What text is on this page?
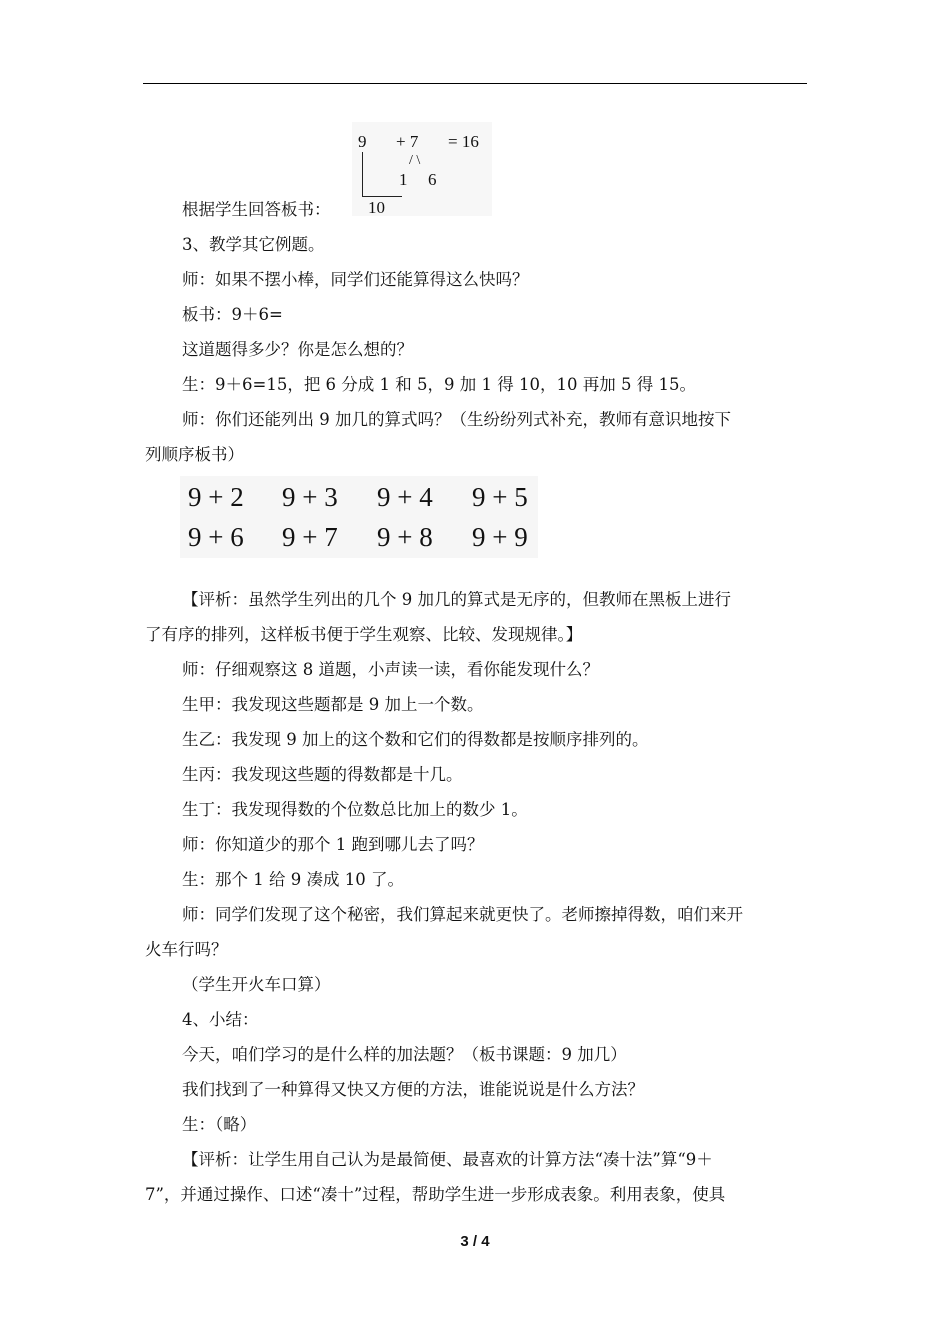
9 + 7 = 16
/ \
1 6
10
根据学生回答板书：
3、教学其它例题。
师：如果不摆小棒，同学们还能算得这么快吗？
板书：9＋6=
这道题得多少？你是怎么想的？
生：9＋6=15，把 6 分成 1 和 5，9 加 1 得 10，10 再加 5 得 15。
师：你们还能列出 9 加几的算式吗？（生纷纷列式补充，教师有意识地按下
列顺序板书）
9 + 2 9 + 3 9 + 4 9 + 5
9 + 6 9 + 7 9 + 8 9 + 9
【评析：虽然学生列出的几个 9 加几的算式是无序的，但教师在黑板上进行
了有序的排列，这样板书便于学生观察、比较、发现规律。】
师：仔细观察这 8 道题，小声读一读，看你能发现什么？
生甲：我发现这些题都是 9 加上一个数。
生乙：我发现 9 加上的这个数和它们的得数都是按顺序排列的。
生丙：我发现这些题的得数都是十几。
生丁：我发现得数的个位数总比加上的数少 1。
师：你知道少的那个 1 跑到哪儿去了吗？
生：那个 1 给 9 凑成 10 了。
师：同学们发现了这个秘密，我们算起来就更快了。老师擦掉得数，咱们来开
火车行吗？
（学生开火车口算）
4、小结：
今天，咱们学习的是什么样的加法题？（板书课题：9 加几）
我们找到了一种算得又快又方便的方法，谁能说说是什么方法？
生：（略）
【评析：让学生用自己认为是最简便、最喜欢的计算方法“凑十法”算“9＋
7”，并通过操作、口述“凑十”过程，帮助学生进一步形成表象。利用表象，使具
3 / 4
